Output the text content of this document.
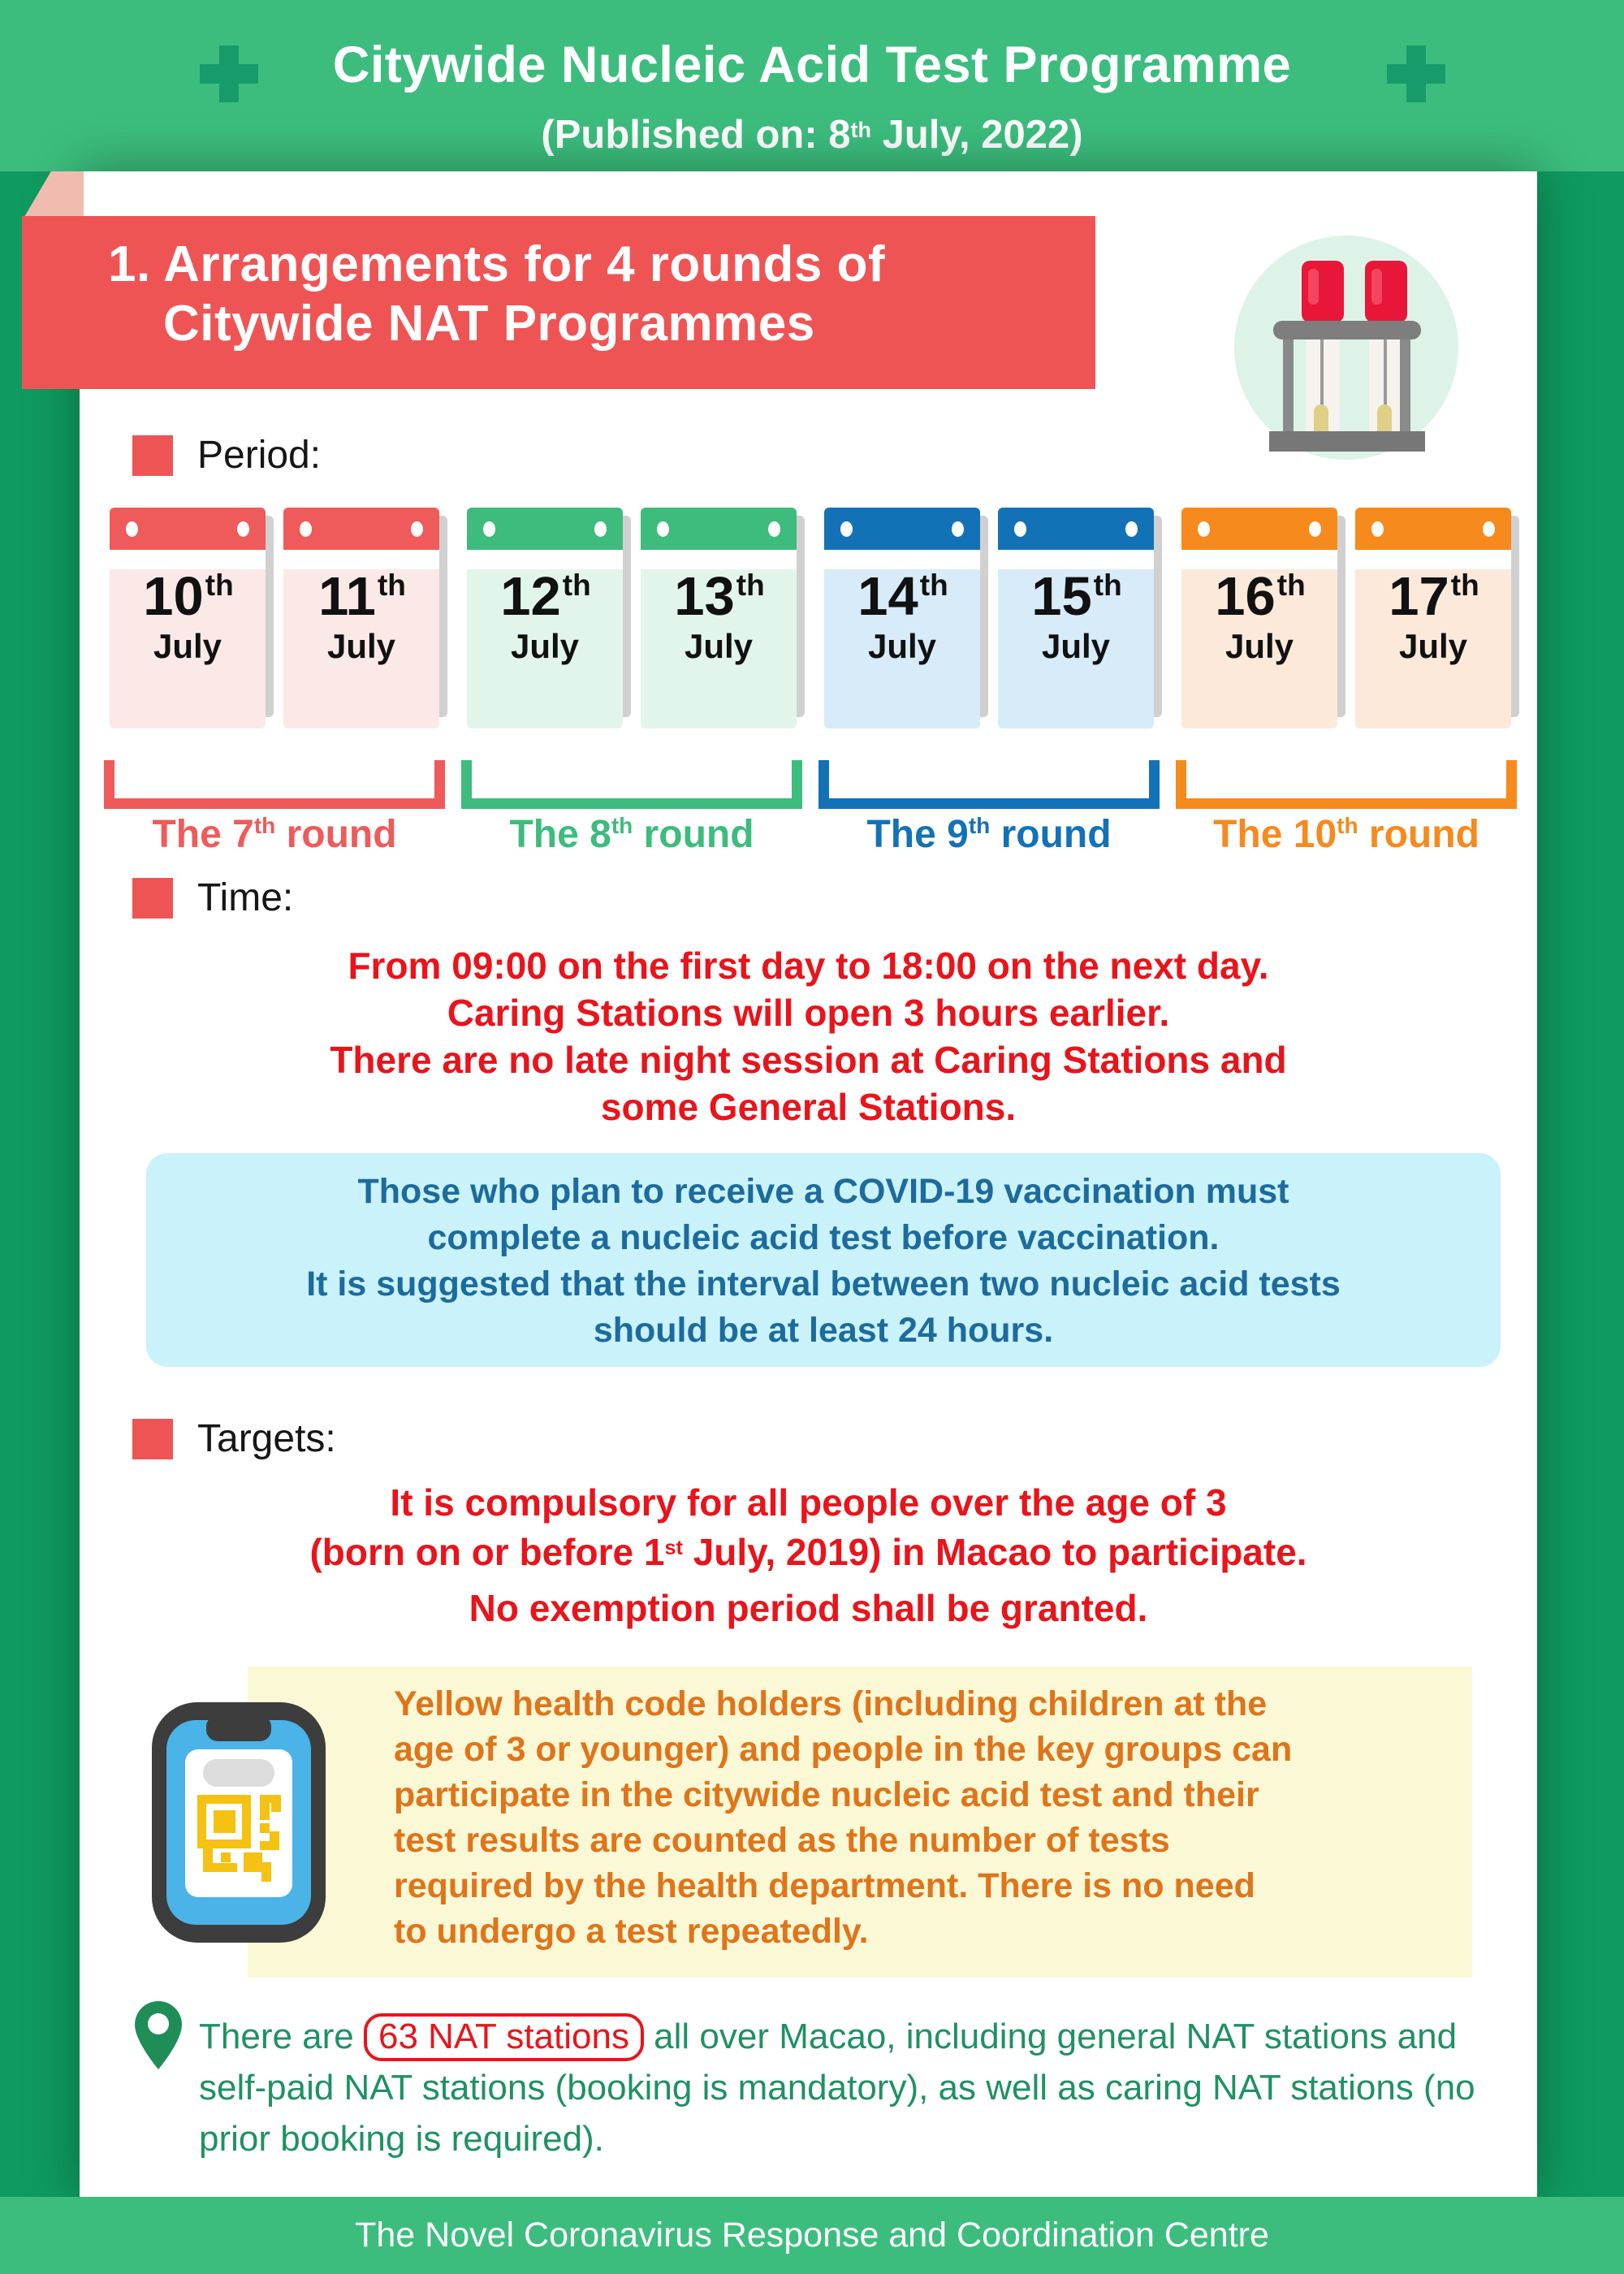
Citywide Nucleic Acid Test Programme
(Published on: 8th July, 2022)
1. Arrangements for 4 rounds of
Citywide NAT Programmes
Period:
10th
July
11th
July
12th
July
13th
July
14th
July
15th
July
16th
July
17th
July
The 7th round	The 8th round	The 9th round	The 10th round
Time:
From 09:00 on the first day to 18:00 on the next day.
Caring Stations will open 3 hours earlier.
There are no late night session at Caring Stations and
some General Stations.
Those who plan to receive a COVID-19 vaccination must
complete a nucleic acid test before vaccination.
It is suggested that the interval between two nucleic acid tests
should be at least 24 hours.
Targets:
It is compulsory for all people over the age of 3
(born on or before 1st July, 2019) in Macao to participate.
No exemption period shall be granted.
Yellow health code holders (including children at the
age of 3 or younger) and people in the key groups can
participate in the citywide nucleic acid test and their
test results are counted as the number of tests
required by the health department. There is no need
to undergo a test repeatedly.
There are 63 NAT stations all over Macao, including general NAT stations and self-paid NAT stations (booking is mandatory), as well as caring NAT stations (no prior booking is required).
The Novel Coronavirus Response and Coordination Centre
